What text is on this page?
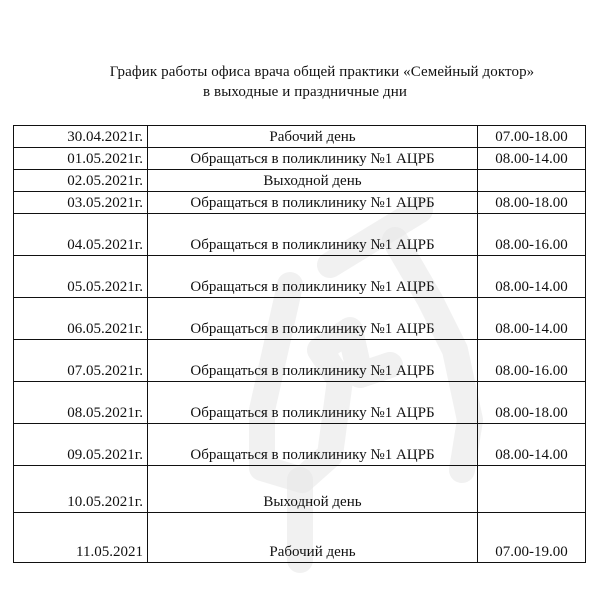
График работы офиса врача общей практики «Семейный доктор»
в выходные и праздничные дни
30.04.2021г.	Рабочий день	07.00-18.00
01.05.2021г.	Обращаться в поликлинику №1 АЦРБ	08.00-14.00
02.05.2021г.	Выходной день	
03.05.2021г.	Обращаться в поликлинику №1 АЦРБ	08.00-18.00
04.05.2021г.	Обращаться в поликлинику №1 АЦРБ	08.00-16.00
05.05.2021г.	Обращаться в поликлинику №1 АЦРБ	08.00-14.00
06.05.2021г.	Обращаться в поликлинику №1 АЦРБ	08.00-14.00
07.05.2021г.	Обращаться в поликлинику №1 АЦРБ	08.00-16.00
08.05.2021г.	Обращаться в поликлинику №1 АЦРБ	08.00-18.00
09.05.2021г.	Обращаться в поликлинику №1 АЦРБ	08.00-14.00
10.05.2021г.	Выходной день	
11.05.2021	Рабочий день	07.00-19.00
